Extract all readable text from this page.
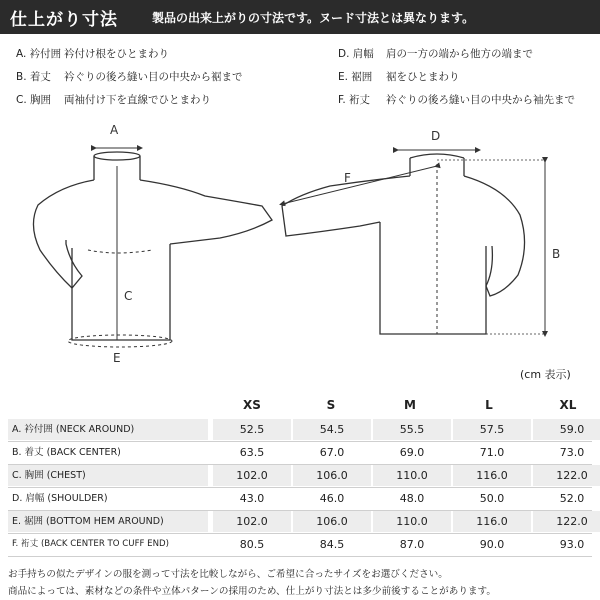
仕上がり寸法	製品の出来上がりの寸法です。ヌード寸法とは異なります。
A. 衿付囲 衿付け根をひとまわり
B. 着丈 衿ぐりの後ろ縫い目の中央から裾まで
C. 胸囲 両袖付け下を直線でひとまわり
D. 肩幅 肩の一方の端から他方の端まで
E. 裾囲 裾をひとまわり
F. 裄丈 衿ぐりの後ろ縫い目の中央から袖先まで
A
C
E
D
F
B
(cm 表示)
XS	S	M	L	XL
A. 衿付囲 (NECK AROUND)	52.5	54.5	55.5	57.5	59.0
B. 着丈 (BACK CENTER)	63.5	67.0	69.0	71.0	73.0
C. 胸囲 (CHEST)	102.0	106.0	110.0	116.0	122.0
D. 肩幅 (SHOULDER)	43.0	46.0	48.0	50.0	52.0
E. 裾囲 (BOTTOM HEM AROUND)	102.0	106.0	110.0	116.0	122.0
F. 裄丈 (BACK CENTER TO CUFF END)	80.5	84.5	87.0	90.0	93.0
お手持ちの似たデザインの服を測って寸法を比較しながら、ご希望に合ったサイズをお選びください。
商品によっては、素材などの条件や立体パターンの採用のため、仕上がり寸法とは多少前後することがあります。
